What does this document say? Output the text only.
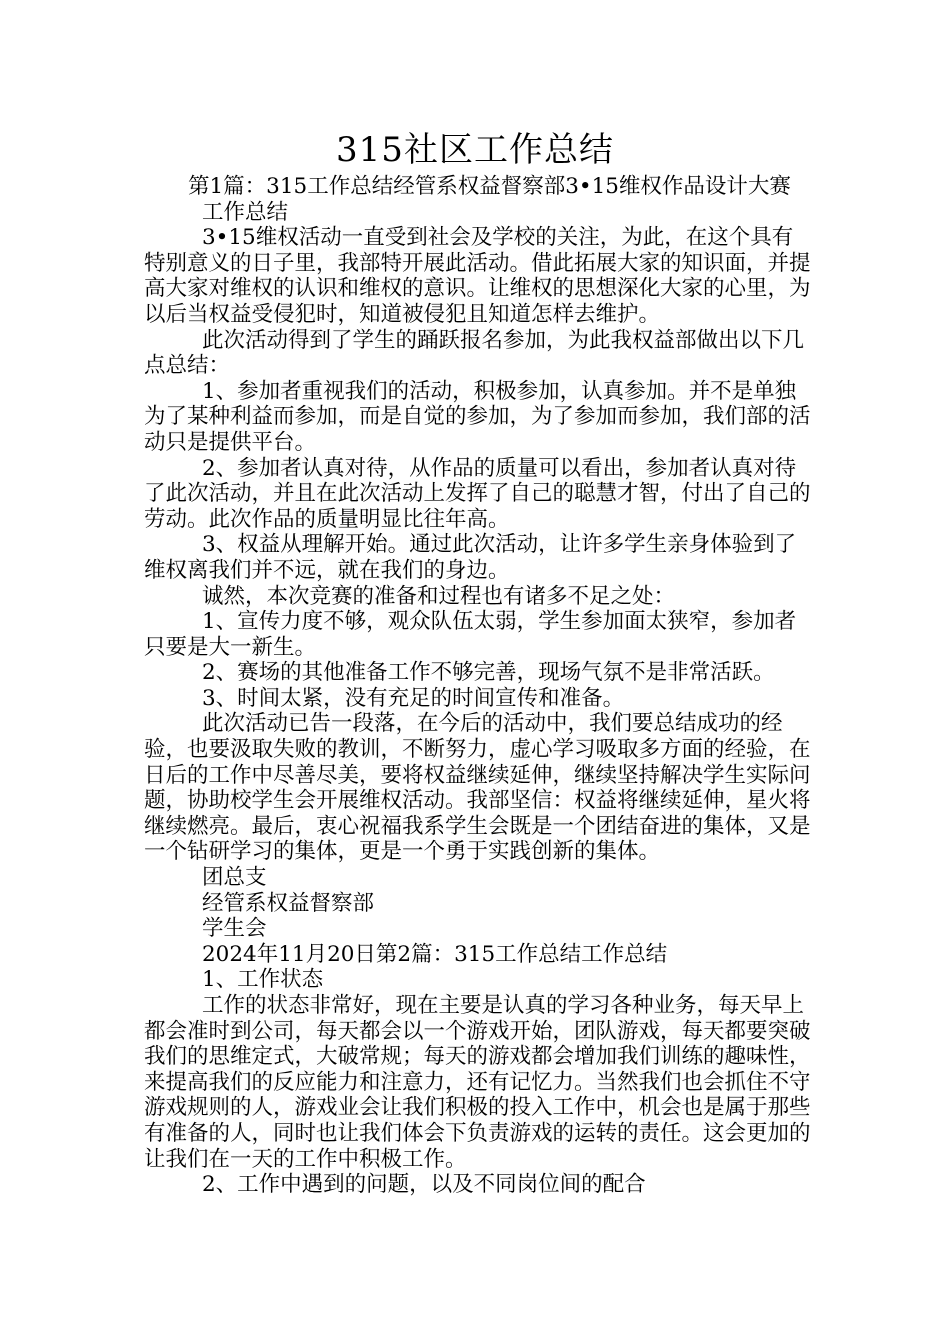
315社区工作总结

第1篇：315工作总结经管系权益督察部3•15维权作品设计大赛

工作总结

3•15维权活动一直受到社会及学校的关注，为此，在这个具有特别意义的日子里，我部特开展此活动。借此拓展大家的知识面，并提高大家对维权的认识和维权的意识。让维权的思想深化大家的心里，为以后当权益受侵犯时，知道被侵犯且知道怎样去维护。

此次活动得到了学生的踊跃报名参加，为此我权益部做出以下几点总结：

1、参加者重视我们的活动，积极参加，认真参加。并不是单独为了某种利益而参加，而是自觉的参加，为了参加而参加，我们部的活动只是提供平台。

2、参加者认真对待，从作品的质量可以看出，参加者认真对待了此次活动，并且在此次活动上发挥了自己的聪慧才智，付出了自己的劳动。此次作品的质量明显比往年高。

3、权益从理解开始。通过此次活动，让许多学生亲身体验到了维权离我们并不远，就在我们的身边。

诚然，本次竞赛的准备和过程也有诸多不足之处：

1、宣传力度不够，观众队伍太弱，学生参加面太狭窄，参加者只要是大一新生。

2、赛场的其他准备工作不够完善，现场气氛不是非常活跃。

3、时间太紧，没有充足的时间宣传和准备。

此次活动已告一段落，在今后的活动中，我们要总结成功的经验，也要汲取失败的教训，不断努力，虚心学习吸取多方面的经验，在日后的工作中尽善尽美，要将权益继续延伸，继续坚持解决学生实际问题，协助校学生会开展维权活动。我部坚信：权益将继续延伸，星火将继续燃亮。最后，衷心祝福我系学生会既是一个团结奋进的集体，又是一个钻研学习的集体，更是一个勇于实践创新的集体。

团总支

经管系权益督察部

学生会

2024年11月20日第2篇：315工作总结工作总结

1、工作状态

工作的状态非常好，现在主要是认真的学习各种业务，每天早上都会准时到公司，每天都会以一个游戏开始，团队游戏，每天都要突破我们的思维定式，大破常规；每天的游戏都会增加我们训练的趣味性，来提高我们的反应能力和注意力，还有记忆力。当然我们也会抓住不守游戏规则的人，游戏业会让我们积极的投入工作中，机会也是属于那些有准备的人，同时也让我们体会下负责游戏的运转的责任。这会更加的让我们在一天的工作中积极工作。

2、工作中遇到的问题，以及不同岗位间的配合
